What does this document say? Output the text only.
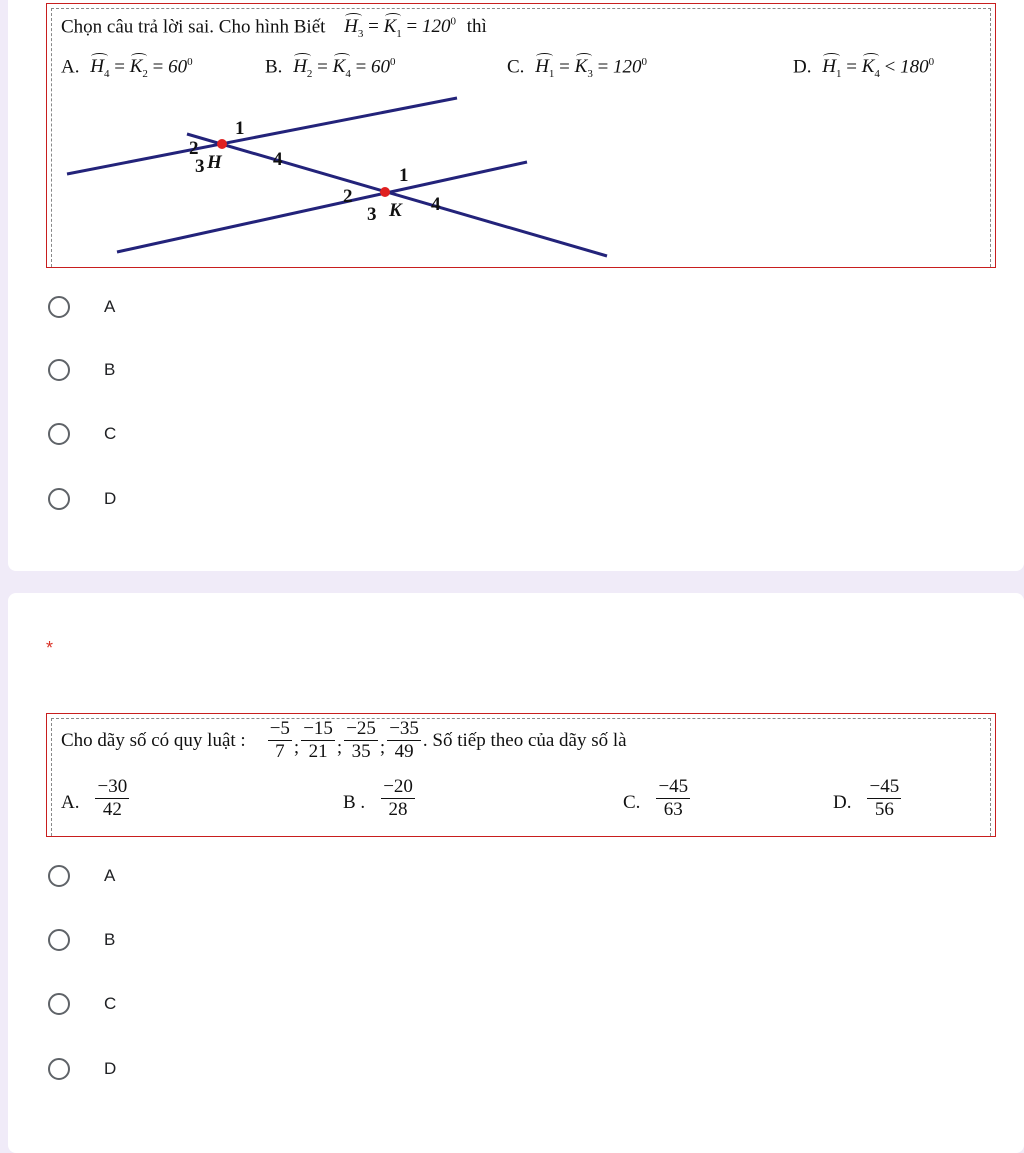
Chọn câu trả lời sai. Cho hình Biết $H_3 = K_1 = 120^0$ thì
A. $H_4 = K_2 = 60^0$	B. $H_2 = K_4 = 60^0$	C. $H_1 = K_3 = 120^0$	D. $H_1 = K_4 < 180^0$
1
2
3 H	4
1
2
3 K 4
A
B
C
D
*
Cho dãy số có quy luật : $\frac{-5}{7}$ ; $\frac{-15}{21}$ ; $\frac{-25}{35}$ ; $\frac{-35}{49}$ . Số tiếp theo của dãy số là
A. $\frac{-30}{42}$	B . $\frac{-20}{28}$	C. $\frac{-45}{63}$	D. $\frac{-45}{56}$
A
B
C
D
